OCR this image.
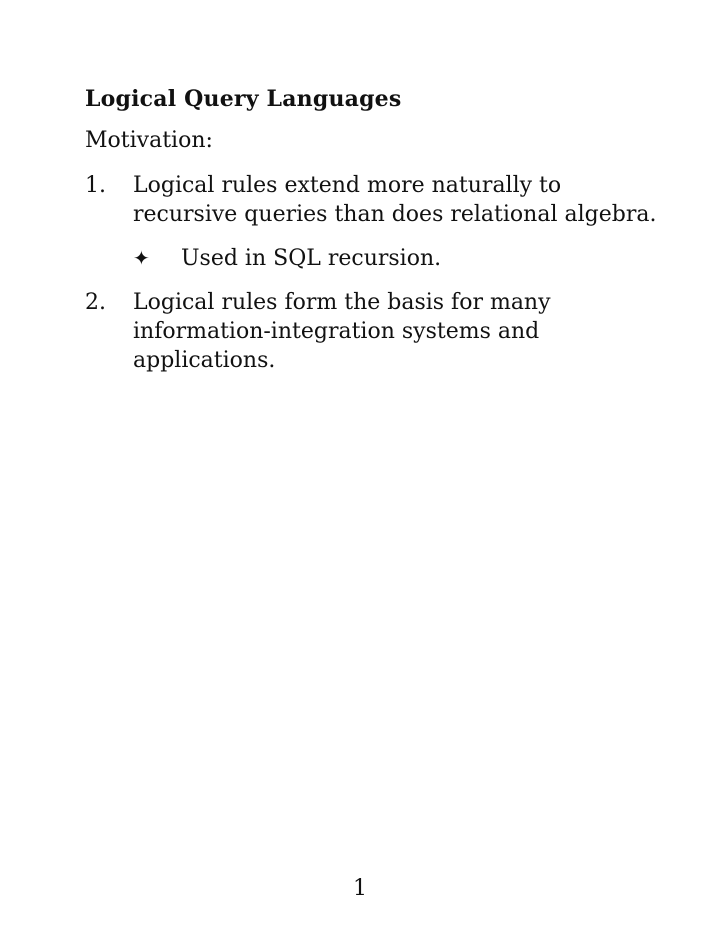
Logical Query Languages
Motivation:
1.	Logical rules extend more naturally to
recursive queries than does relational algebra.
✦	Used in SQL recursion.
2.	Logical rules form the basis for many
information-integration systems and
applications.
1
